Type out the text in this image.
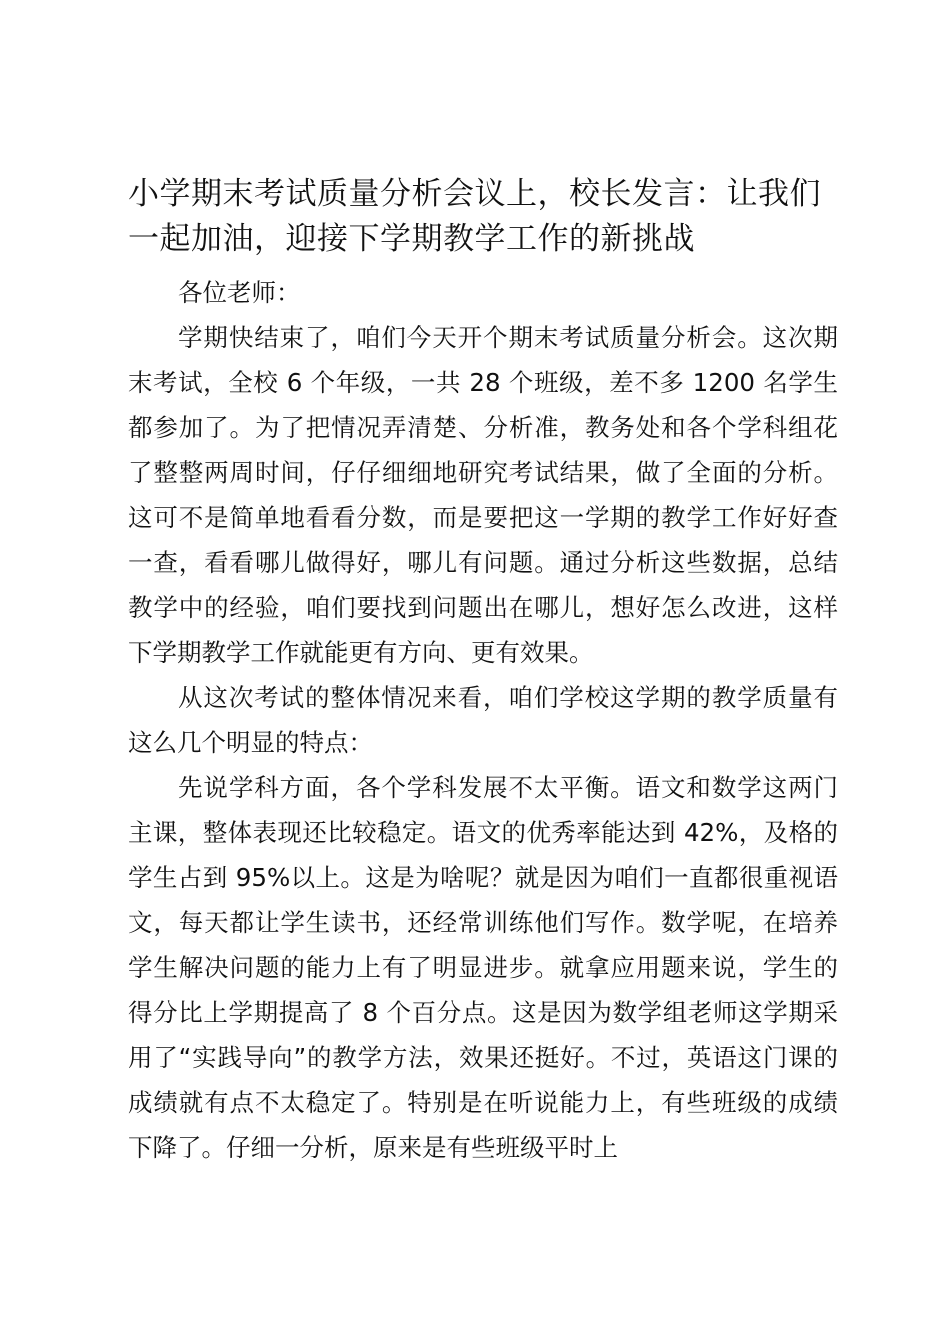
小学期末考试质量分析会议上，校长发言：让我们一起加油，迎接下学期教学工作的新挑战

各位老师：

学期快结束了，咱们今天开个期末考试质量分析会。这次期末考试，全校 6 个年级，一共 28 个班级，差不多 1200 名学生都参加了。为了把情况弄清楚、分析准，教务处和各个学科组花了整整两周时间，仔仔细细地研究考试结果，做了全面的分析。这可不是简单地看看分数，而是要把这一学期的教学工作好好查一查，看看哪儿做得好，哪儿有问题。通过分析这些数据，总结教学中的经验，咱们要找到问题出在哪儿，想好怎么改进，这样下学期教学工作就能更有方向、更有效果。

从这次考试的整体情况来看，咱们学校这学期的教学质量有这么几个明显的特点：

先说学科方面，各个学科发展不太平衡。语文和数学这两门主课，整体表现还比较稳定。语文的优秀率能达到 42%，及格的学生占到 95%以上。这是为啥呢？就是因为咱们一直都很重视语文，每天都让学生读书，还经常训练他们写作。数学呢，在培养学生解决问题的能力上有了明显进步。就拿应用题来说，学生的得分比上学期提高了 8 个百分点。这是因为数学组老师这学期采用了“实践导向”的教学方法，效果还挺好。不过，英语这门课的成绩就有点不太稳定了。特别是在听说能力上，有些班级的成绩下降了。仔细一分析，原来是有些班级平时上
